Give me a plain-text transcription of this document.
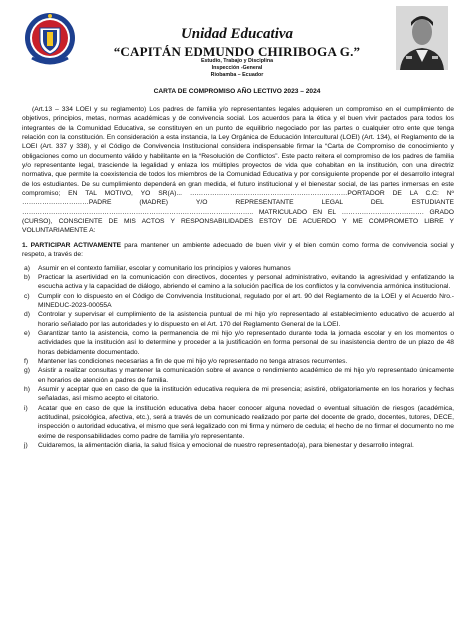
Unidad Educativa
“CAPITÁN EDMUNDO CHIRIBOGA G.”
Estudio, Trabajo y Disciplina
Inspección -General
Riobamba – Ecuador
CARTA DE COMPROMISO AÑO LECTIVO 2023 – 2024

(Art.13 – 334 LOEI y su reglamento) Los padres de familia y/o representantes legales adquieren un compromiso en el cumplimiento de objetivos, principios, metas, normas académicas y de convivencia social. Los acuerdos para la ética y el buen vivir pactados para todos los integrantes de la Comunidad Educativa, se constituyen en un punto de equilibrio negociado por las partes o cualquier otro ente que tenga relación con la constitución. En consideración a esta instancia, la Ley Orgánica de Educación Intercultural (LOEI) (Art. 134), el Reglamento de la LOEI (Art. 337 y 338), y el Código de Convivencia Institucional considera indispensable firmar la “Carta de Compromiso de conocimiento y obligaciones como un documento válido y habilitante en la “Resolución de Conflictos”. Este pacto reitera el compromiso de los padres de familia y/o representante legal, trasciende la legalidad y enlaza los múltiples proyectos de vida que cohabitan en la institución, con una directriz normativa, que permite la coexistencia de todos los miembros de la Comunidad Educativa y por consiguiente propende por el desarrollo integral de los estudiantes. De su cumplimiento dependerá en gran medida, el futuro institucional y el bienestar social, de las partes inmersas en este compromiso; EN TAL MOTIVO, YO SR(A)... ……………………………………………………..………PORTADOR DE LA C.C: Nº …………………………PADRE (MADRE) Y/O REPRESENTANTE LEGAL DEL ESTUDIANTE ………………………………………………………………………………………….. MATRICULADO EN EL ………………………………. GRADO (CURSO), CONSCIENTE DE MIS ACTOS Y RESPONSABILIDADES ESTOY DE ACUERDO Y ME COMPROMETO LIBRE Y VOLUNTARIAMENTE A:

1. PARTICIPAR ACTIVAMENTE para mantener un ambiente adecuado de buen vivir y el bien común como forma de convivencia social y respeto, a través de:

a) Asumir en el contexto familiar, escolar y comunitario los principios y valores humanos
b) Practicar la asertividad en la comunicación con directivos, docentes y personal administrativo, evitando la agresividad y enfatizando la escucha activa y la capacidad de diálogo, abriendo el camino a la solución pacífica de los conflictos y la convivencia armónica institucional.
c) Cumplir con lo dispuesto en el Código de Convivencia Institucional, regulado por el art. 90 del Reglamento de la LOEI y el Acuerdo Nro.- MINEDUC-2023-00055A
d) Controlar y supervisar el cumplimiento de la asistencia puntual de mi hijo y/o representado al establecimiento educativo de acuerdo al horario señalado por las autoridades y lo dispuesto en el Art. 170 del Reglamento General de la LOEI.
e) Garantizar tanto la asistencia, como la permanencia de mi hijo y/o representado durante toda la jornada escolar y en los momentos o actividades que la institución así lo determine y proceder a la justificación en forma personal de su inasistencia dentro de un plazo de 48 horas debidamente documentado.
f) Mantener las condiciones necesarias a fin de que mi hijo y/o representado no tenga atrasos recurrentes.
g) Asistir a realizar consultas y mantener la comunicación sobre el avance o rendimiento académico de mi hijo y/o representado únicamente en horarios de atención a padres de familia.
h) Asumir y aceptar que en caso de que la institución educativa requiera de mi presencia; asistiré, obligatoriamente en los horarios y fechas señaladas, así mismo acepto el citatorio.
i) Acatar que en caso de que la institución educativa deba hacer conocer alguna novedad o eventual situación de riesgos (académica, actitudinal, psicológica, afectiva, etc.), será a través de un comunicado realizado por parte del docente de grado, docentes, tutores, DECE, inspección o autoridad educativa, el mismo que será legalizado con mi firma y número de cedula; el hecho de no firmar el documento no me exime de responsabilidades como padre de familia y/o representante.
j) Cuidaremos, la alimentación diaria, la salud física y emocional de nuestro representado(a), para bienestar y desarrollo integral.
